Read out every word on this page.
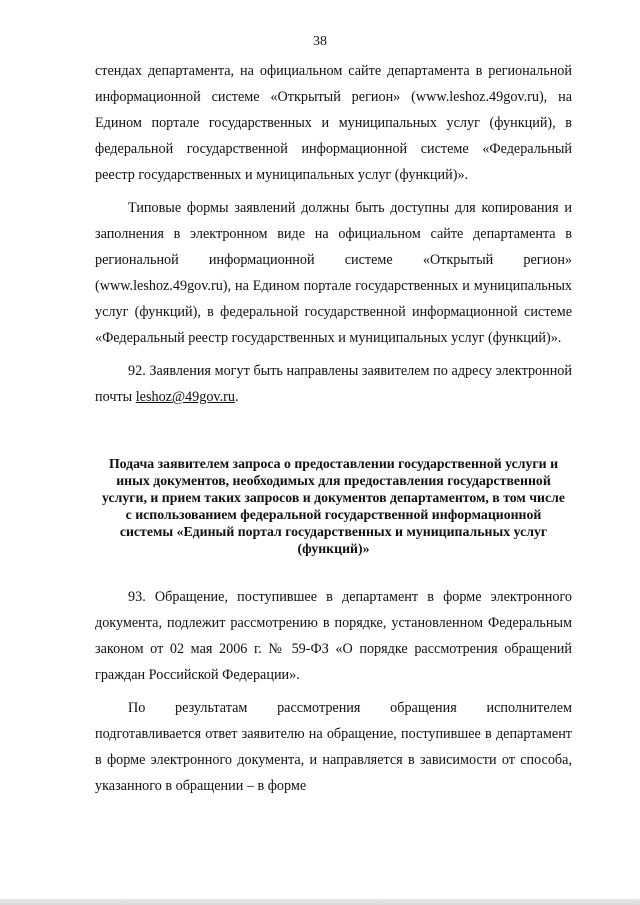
38

стендах департамента, на официальном сайте департамента в региональной информационной системе «Открытый регион» (www.leshoz.49gov.ru), на Едином портале государственных и муниципальных услуг (функций), в федеральной государственной информационной системе «Федеральный реестр государственных и муниципальных услуг (функций)».

Типовые формы заявлений должны быть доступны для копирования и заполнения в электронном виде на официальном сайте департамента в региональной информационной системе «Открытый регион» (www.leshoz.49gov.ru), на Едином портале государственных и муниципальных услуг (функций), в федеральной государственной информационной системе «Федеральный реестр государственных и муниципальных услуг (функций)».

92. Заявления могут быть направлены заявителем по адресу электронной почты leshoz@49gov.ru.

Подача заявителем запроса о предоставлении государственной услуги и иных документов, необходимых для предоставления государственной услуги, и прием таких запросов и документов департаментом, в том числе с использованием федеральной государственной информационной системы «Единый портал государственных и муниципальных услуг (функций)»

93. Обращение, поступившее в департамент в форме электронного документа, подлежит рассмотрению в порядке, установленном Федеральным законом от 02 мая 2006 г. № 59-ФЗ «О порядке рассмотрения обращений граждан Российской Федерации».

По результатам рассмотрения обращения исполнителем подготавливается ответ заявителю на обращение, поступившее в департамент в форме электронного документа, и направляется в зависимости от способа, указанного в обращении – в форме
